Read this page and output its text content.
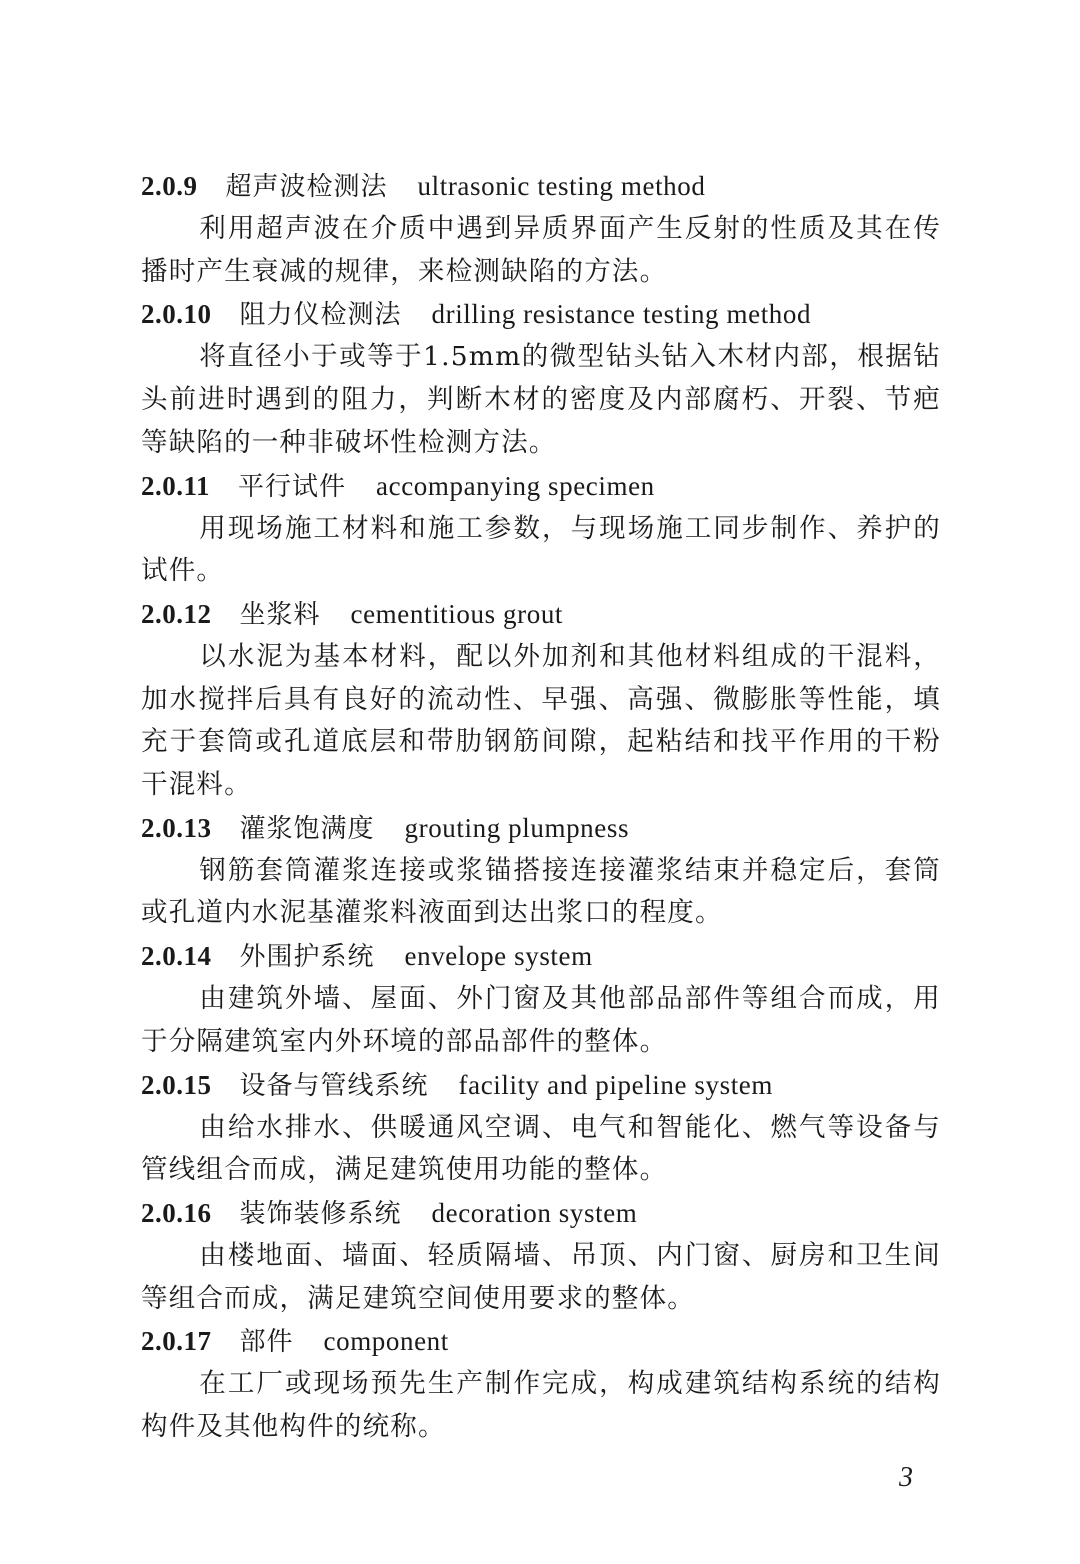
2.0.9 超声波检测法 ultrasonic testing method

利用超声波在介质中遇到异质界面产生反射的性质及其在传播时产生衰减的规律，来检测缺陷的方法。

2.0.10 阻力仪检测法 drilling resistance testing method

将直径小于或等于1.5mm的微型钻头钻入木材内部，根据钻头前进时遇到的阻力，判断木材的密度及内部腐朽、开裂、节疤等缺陷的一种非破坏性检测方法。

2.0.11 平行试件 accompanying specimen

用现场施工材料和施工参数，与现场施工同步制作、养护的试件。

2.0.12 坐浆料 cementitious grout

以水泥为基本材料，配以外加剂和其他材料组成的干混料，加水搅拌后具有良好的流动性、早强、高强、微膨胀等性能，填充于套筒或孔道底层和带肋钢筋间隙，起粘结和找平作用的干粉干混料。

2.0.13 灌浆饱满度 grouting plumpness

钢筋套筒灌浆连接或浆锚搭接连接灌浆结束并稳定后，套筒或孔道内水泥基灌浆料液面到达出浆口的程度。

2.0.14 外围护系统 envelope system

由建筑外墙、屋面、外门窗及其他部品部件等组合而成，用于分隔建筑室内外环境的部品部件的整体。

2.0.15 设备与管线系统 facility and pipeline system

由给水排水、供暖通风空调、电气和智能化、燃气等设备与管线组合而成，满足建筑使用功能的整体。

2.0.16 装饰装修系统 decoration system

由楼地面、墙面、轻质隔墙、吊顶、内门窗、厨房和卫生间等组合而成，满足建筑空间使用要求的整体。

2.0.17 部件 component

在工厂或现场预先生产制作完成，构成建筑结构系统的结构构件及其他构件的统称。

3
